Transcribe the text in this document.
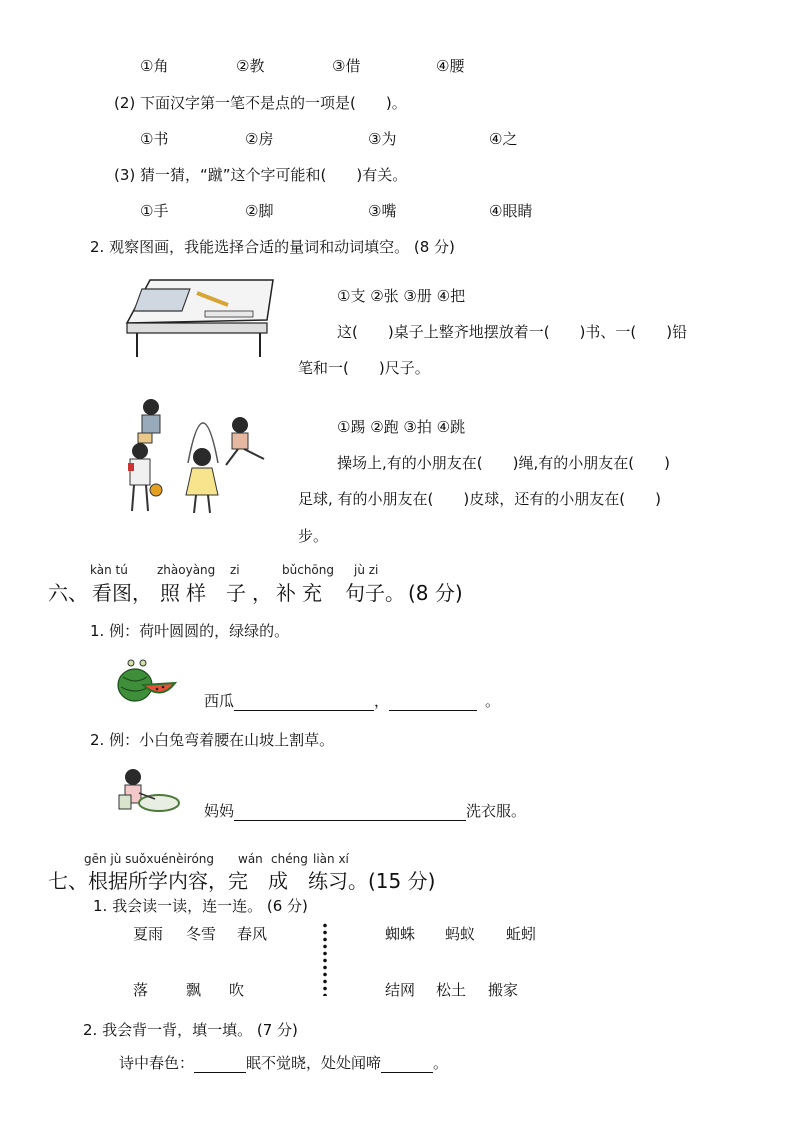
①角	②教	③借	④腰
(2) 下面汉字第一笔不是点的一项是(　　)。
①书	②房	③为	④之
(3) 猜一猜，“蹴”这个字可能和(　　)有关。
①手	②脚	③嘴	④眼睛
2. 观察图画，我能选择合适的量词和动词填空。 (8 分)
①支 ②张 ③册 ④把
这(　　)桌子上整齐地摆放着一(　　)书、一(　　)铅
笔和一(　　)尺子。
①踢 ②跑 ③拍 ④跳
操场上,有的小朋友在(　　)绳,有的小朋友在(　　)
足球, 有的小朋友在(　　)皮球，还有的小朋友在(　　)
步。
kàn tú zhàoyàng zi	bǔchōng jù zi
六、 看图， 照样 子，
补充 句子。 (8 分)
1. 例：荷叶圆圆的，绿绿的。
西瓜	，	。
2. 例：小白兔弯着腰在山坡上割草。
妈妈	洗衣服。
gēn jù suǒxuénèiróng wán chéng liàn xí
七、根据所学内容，完　成　练习。(15 分)
1. 我会读一读，连一连。 (6 分)
夏雨 冬雪 春风
落	飘 吹
蜘蛛 蚂蚁 蚯蚓
结网 松土 搬家
2. 我会背一背，填一填。 (7 分)
诗中春色：	眠不觉晓，处处闻啼	。
